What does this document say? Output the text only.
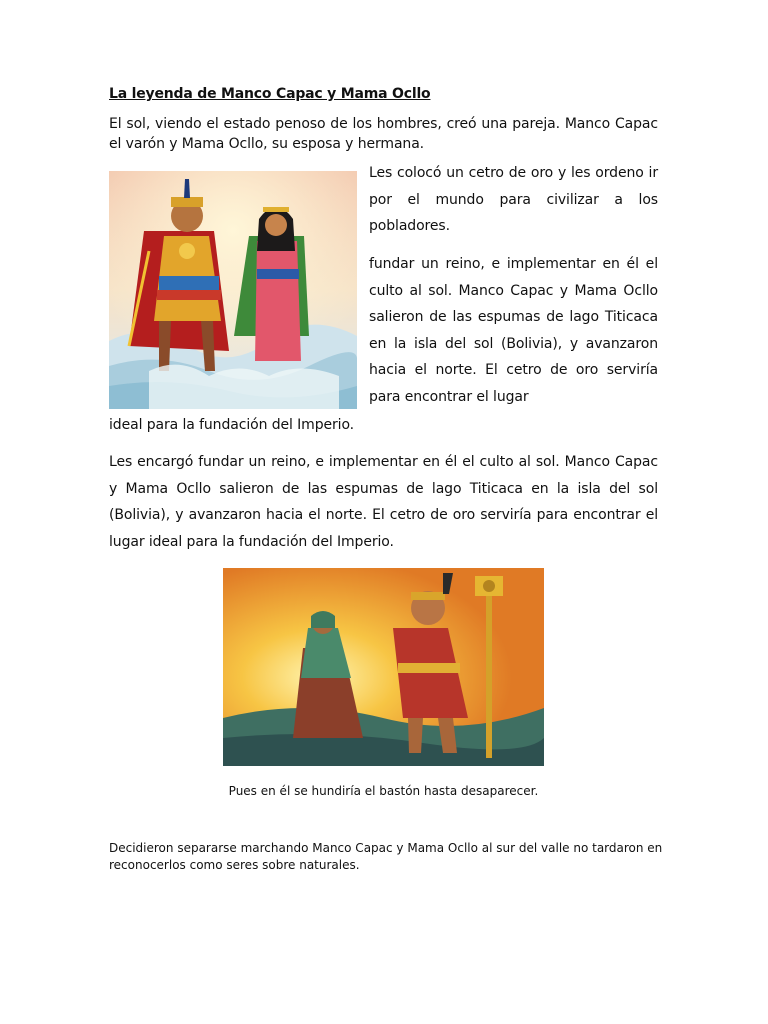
La leyenda de Manco Capac y Mama Ocllo

El sol, viendo el estado penoso de los hombres, creó una pareja. Manco Capac el varón y Mama Ocllo, su esposa y hermana.

Les colocó un cetro de oro y les ordeno ir por el mundo para civilizar a los pobladores.

fundar un reino, e implementar en él el culto al sol. Manco Capac y Mama Ocllo salieron de las espumas de lago Titicaca en la isla del sol (Bolivia), y avanzaron hacia el norte. El cetro de oro serviría para encontrar el lugar

ideal para la fundación del Imperio.

Les encargó fundar un reino, e implementar en él el culto al sol. Manco Capac y Mama Ocllo salieron de las espumas de lago Titicaca en la isla del sol (Bolivia), y avanzaron hacia el norte. El cetro de oro serviría para encontrar el lugar ideal para la fundación del Imperio.

Pues en él se hundiría el bastón hasta desaparecer.

Decidieron separarse marchando Manco Capac y Mama Ocllo al sur del valle no tardaron en reconocerlos como seres sobre naturales.
